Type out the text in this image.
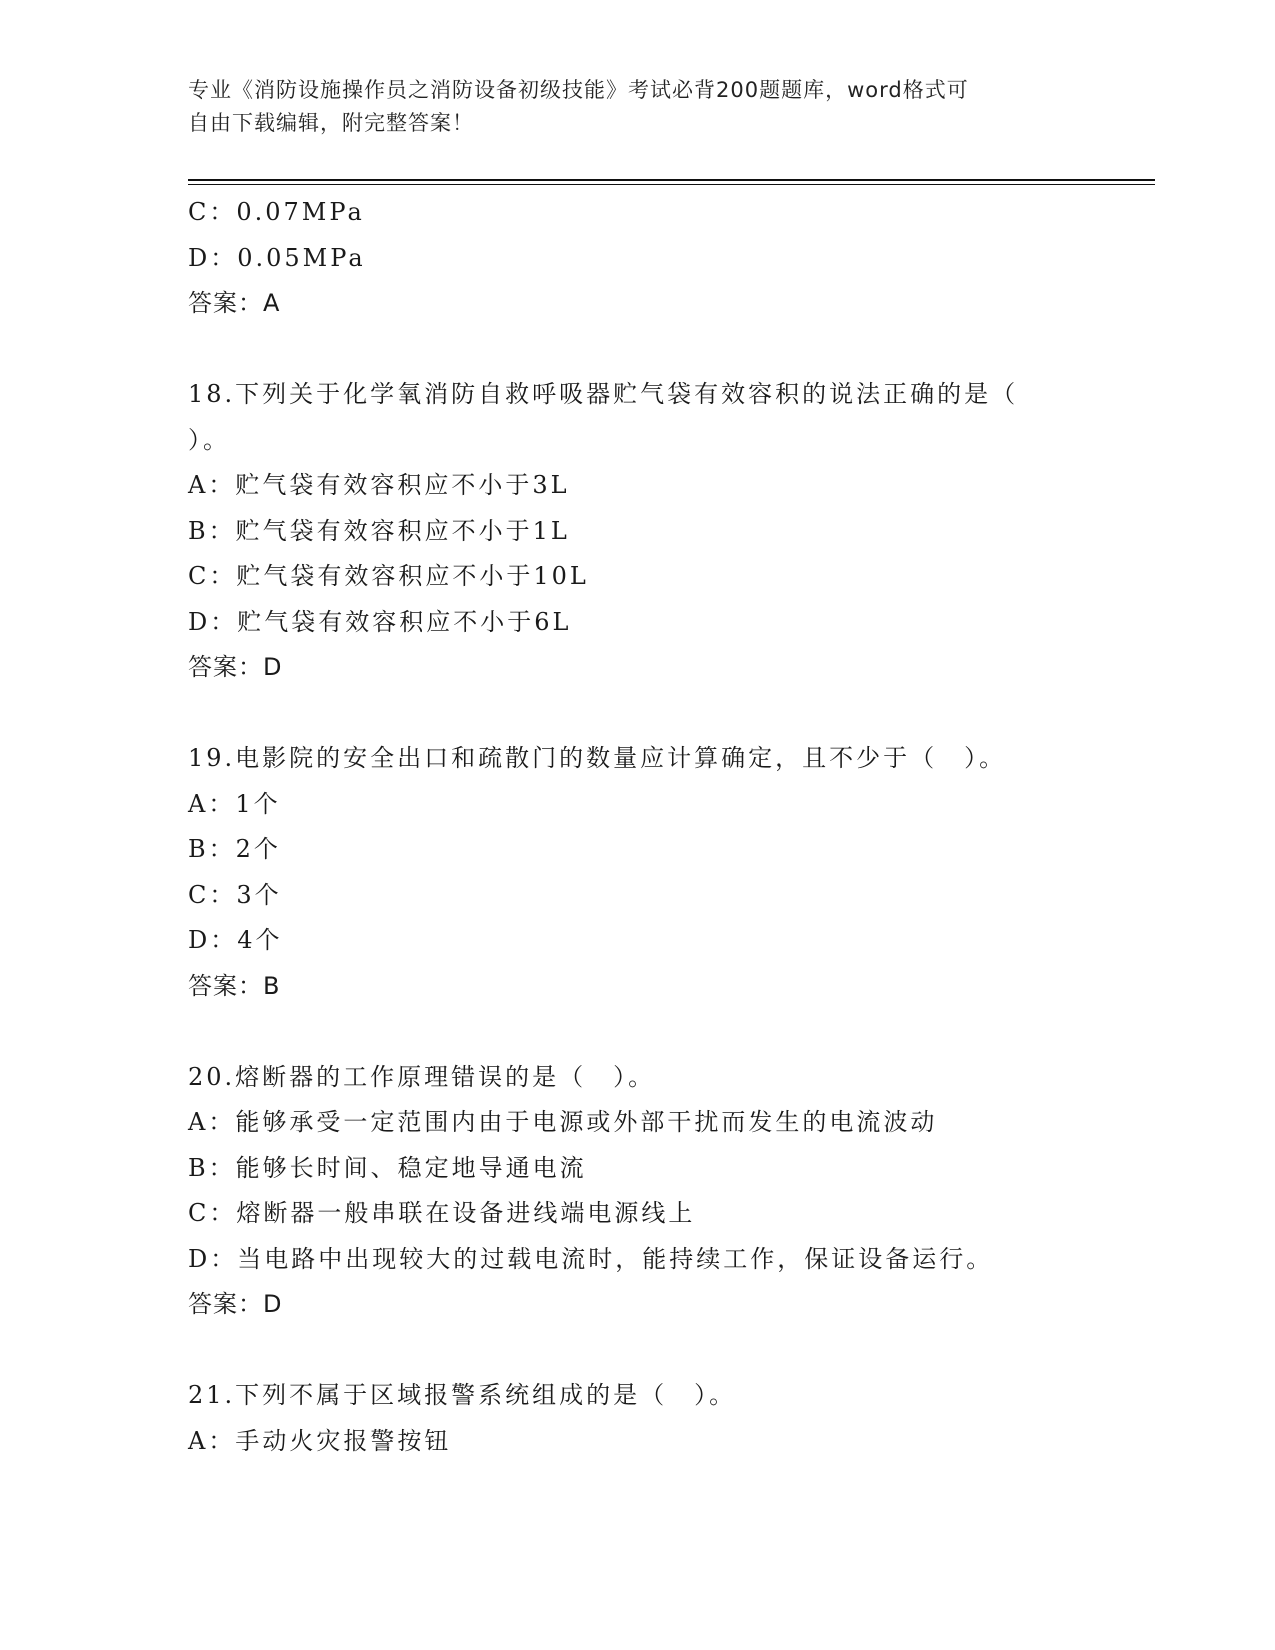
专业《消防设施操作员之消防设备初级技能》考试必背200题题库，word格式可
自由下载编辑，附完整答案！
C：0.07MPa
D：0.05MPa
答案：A
18.下列关于化学氧消防自救呼吸器贮气袋有效容积的说法正确的是（
）。
A：贮气袋有效容积应不小于3L
B：贮气袋有效容积应不小于1L
C：贮气袋有效容积应不小于10L
D：贮气袋有效容积应不小于6L
答案：D
19.电影院的安全出口和疏散门的数量应计算确定，且不少于（　）。
A：1个
B：2个
C：3个
D：4个
答案：B
20.熔断器的工作原理错误的是（　）。
A：能够承受一定范围内由于电源或外部干扰而发生的电流波动
B：能够长时间、稳定地导通电流
C：熔断器一般串联在设备进线端电源线上
D：当电路中出现较大的过载电流时，能持续工作，保证设备运行。
答案：D
21.下列不属于区域报警系统组成的是（　）。
A：手动火灾报警按钮
